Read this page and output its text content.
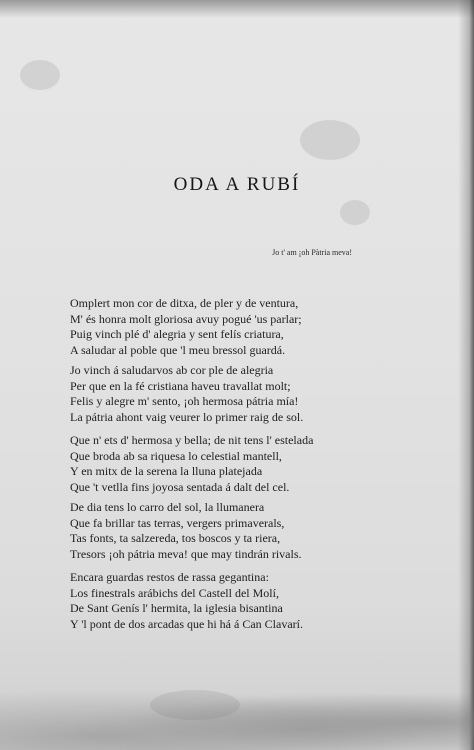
ODA A RUBÍ

Jo t' am ¡oh Pàtria meva!

Omplert mon cor de ditxa, de pler y de ventura,
M' és honra molt gloriosa avuy pogué 'us parlar;
Puig vinch plé d' alegria y sent felís criatura,
A saludar al poble que 'l meu bressol guardá.
Jo vinch á saludarvos ab cor ple de alegria
Per que en la fé cristiana haveu travallat molt;
Felis y alegre m' sento, ¡oh hermosa pátria mía!
La pátria ahont vaig veurer lo primer raig de sol.
Que n' ets d' hermosa y bella; de nit tens l' estelada
Que broda ab sa riquesa lo celestial mantell,
Y en mitx de la serena la lluna platejada
Que 't vetlla fins joyosa sentada á dalt del cel.
De dia tens lo carro del sol, la llumanera
Que fa brillar tas terras, vergers primaverals,
Tas fonts, ta salzereda, tos boscos y ta riera,
Tresors ¡oh pátria meva! que may tindrán rivals.
Encara guardas restos de rassa gegantina:
Los finestrals arábichs del Castell del Molí,
De Sant Genís l' hermita, la iglesia bisantina
Y 'l pont de dos arcadas que hi há á Can Clavarí.
